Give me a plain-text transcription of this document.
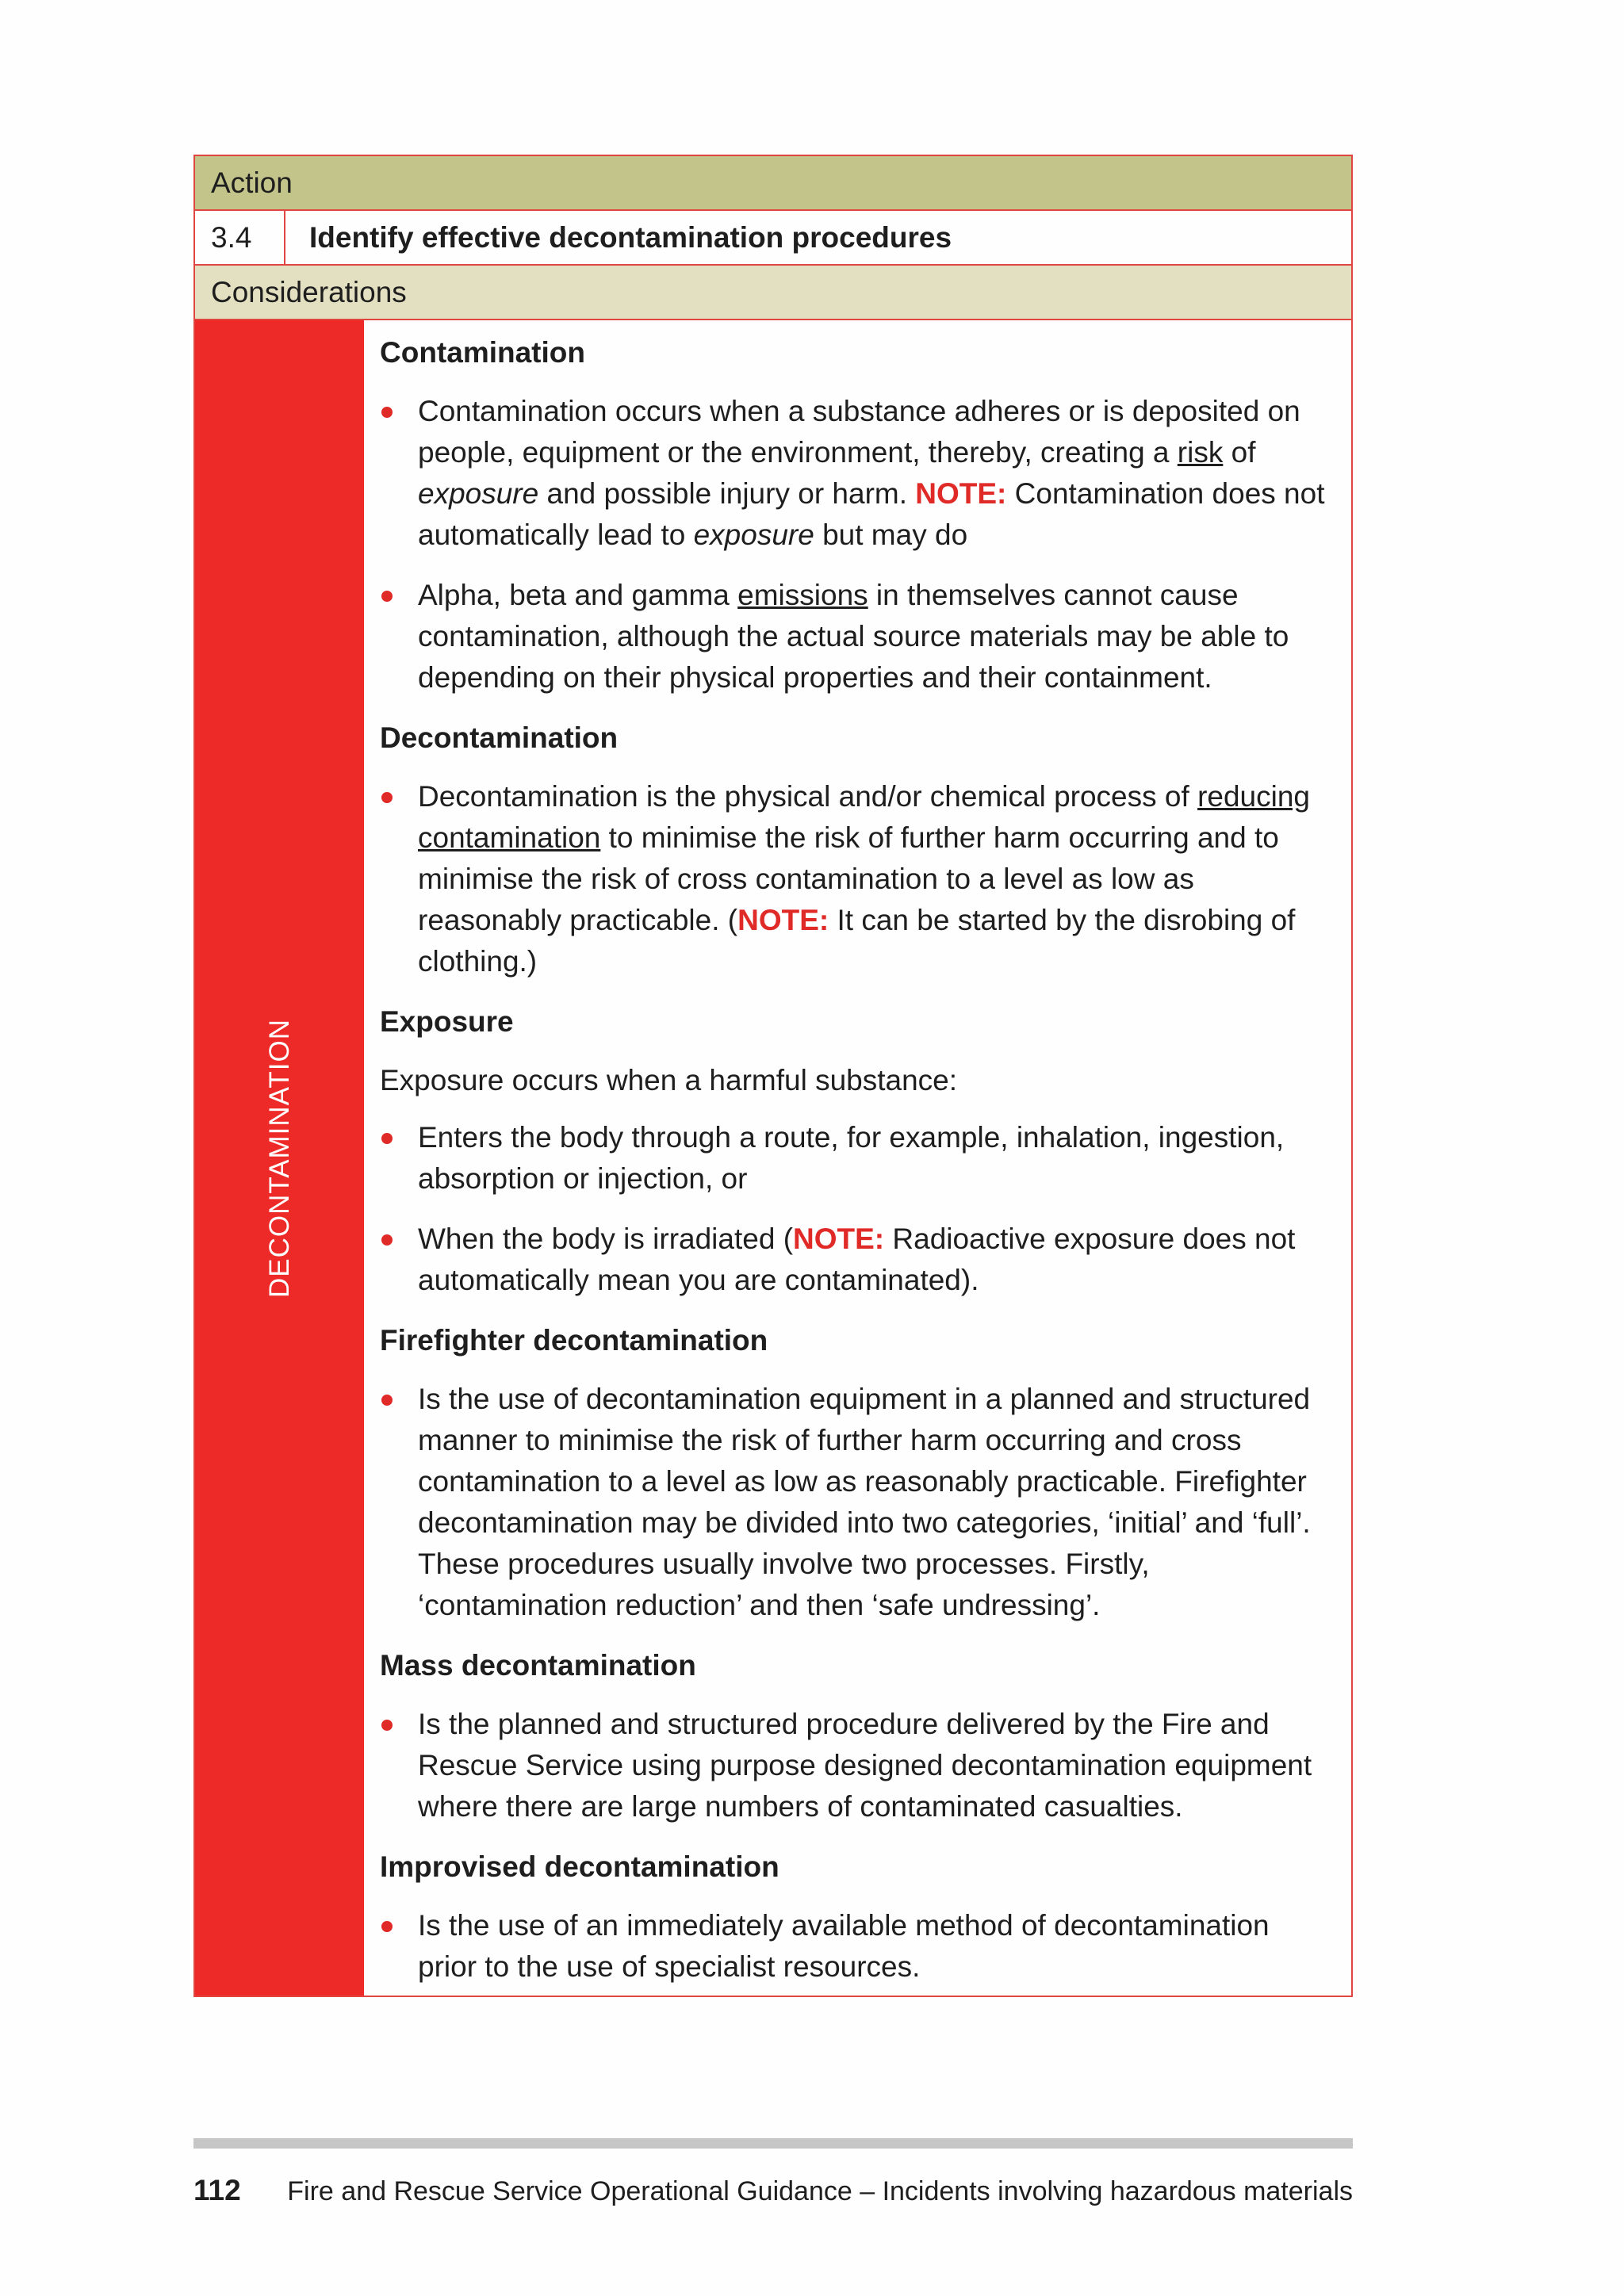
Action
3.4	Identify effective decontamination procedures
Considerations
DECONTAMINATION
Contamination
Contamination occurs when a substance adheres or is deposited on people, equipment or the environment, thereby, creating a risk of exposure and possible injury or harm. NOTE: Contamination does not automatically lead to exposure but may do
Alpha, beta and gamma emissions in themselves cannot cause contamination, although the actual source materials may be able to depending on their physical properties and their containment.
Decontamination
Decontamination is the physical and/or chemical process of reducing contamination to minimise the risk of further harm occurring and to minimise the risk of cross contamination to a level as low as reasonably practicable. (NOTE: It can be started by the disrobing of clothing.)
Exposure

Exposure occurs when a harmful substance:

Enters the body through a route, for example, inhalation, ingestion, absorption or injection, or
When the body is irradiated (NOTE: Radioactive exposure does not automatically mean you are contaminated).
Firefighter decontamination
Is the use of decontamination equipment in a planned and structured manner to minimise the risk of further harm occurring and cross contamination to a level as low as reasonably practicable. Firefighter decontamination may be divided into two categories, ‘initial’ and ‘full’. These procedures usually involve two processes. Firstly, ‘contamination reduction’ and then ‘safe undressing’.
Mass decontamination
Is the planned and structured procedure delivered by the Fire and Rescue Service using purpose designed decontamination equipment where there are large numbers of contaminated casualties.
Improvised decontamination
Is the use of an immediately available method of decontamination prior to the use of specialist resources.
112 Fire and Rescue Service Operational Guidance – Incidents involving hazardous materials
